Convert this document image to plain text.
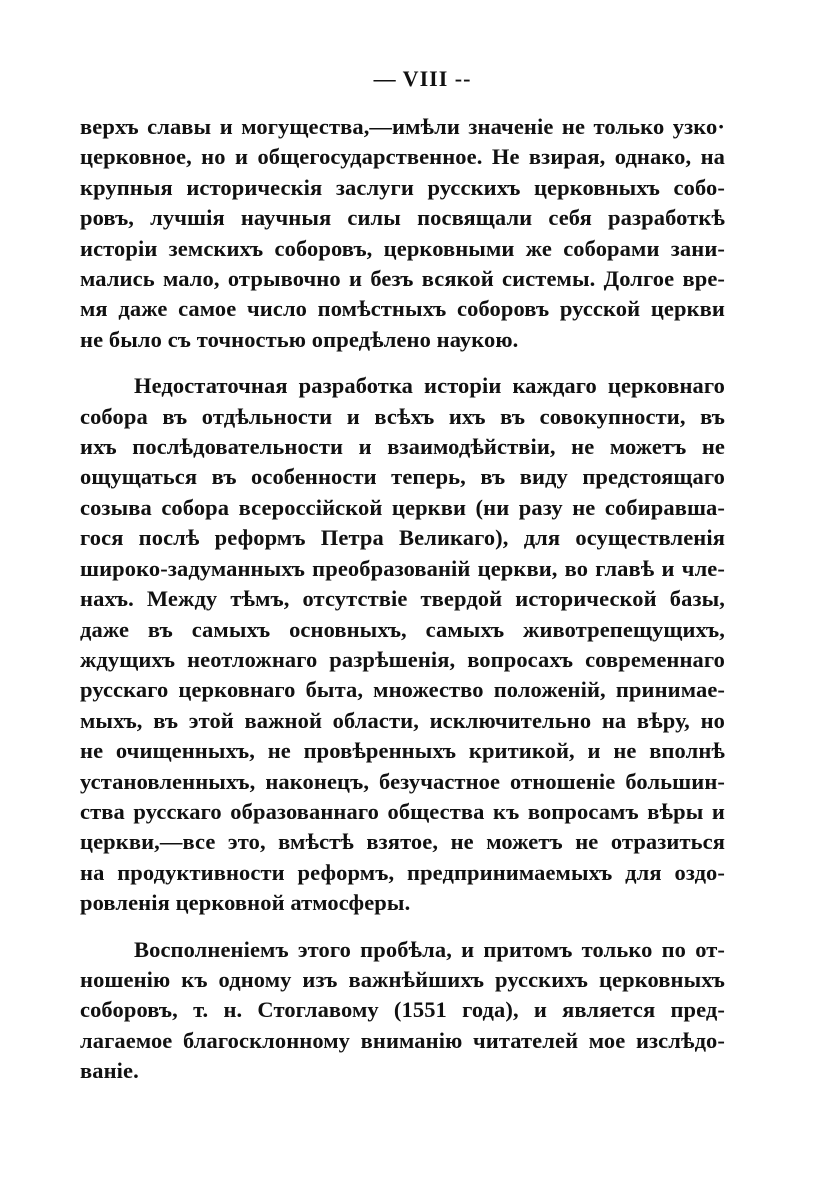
— VIII --
верхъ славы и могущества,—имѣли значеніе не только узко·
церковное, но и общегосударственное. Не взирая, однако, на
крупныя историческія заслуги русскихъ церковныхъ собо-
ровъ, лучшія научныя силы посвящали себя разработкѣ
исторіи земскихъ соборовъ, церковными же соборами зани-
мались мало, отрывочно и безъ всякой системы. Долгое вре-
мя даже самое число помѣстныхъ соборовъ русской церкви
не было съ точностью опредѣлено наукою.
Недостаточная разработка исторіи каждаго церковнаго
собора въ отдѣльности и всѣхъ ихъ въ совокупности, въ
ихъ послѣдовательности и взаимодѣйствіи, не можетъ не
ощущаться въ особенности теперь, въ виду предстоящаго
созыва собора всероссійской церкви (ни разу не собиравша-
гося послѣ реформъ Петра Великаго), для осуществленія
широко-задуманныхъ преобразованій церкви, во главѣ и чле-
нахъ. Между тѣмъ, отсутствіе твердой исторической базы,
даже въ самыхъ основныхъ, самыхъ животрепещущихъ,
ждущихъ неотложнаго разрѣшенія, вопросахъ современнаго
русскаго церковнаго быта, множество положеній, принимае-
мыхъ, въ этой важной области, исключительно на вѣру, но
не очищенныхъ, не провѣренныхъ критикой, и не вполнѣ
установленныхъ, наконецъ, безучастное отношеніе большин-
ства русскаго образованнаго общества къ вопросамъ вѣры и
церкви,—все это, вмѣстѣ взятое, не можетъ не отразиться
на продуктивности реформъ, предпринимаемыхъ для оздо-
ровленія церковной атмосферы.
Восполненіемъ этого пробѣла, и притомъ только по от-
ношенію къ одному изъ важнѣйшихъ русскихъ церковныхъ
соборовъ, т. н. Стоглавому (1551 года), и является пред-
лагаемое благосклонному вниманію читателей мое изслѣдо-
ваніе.
